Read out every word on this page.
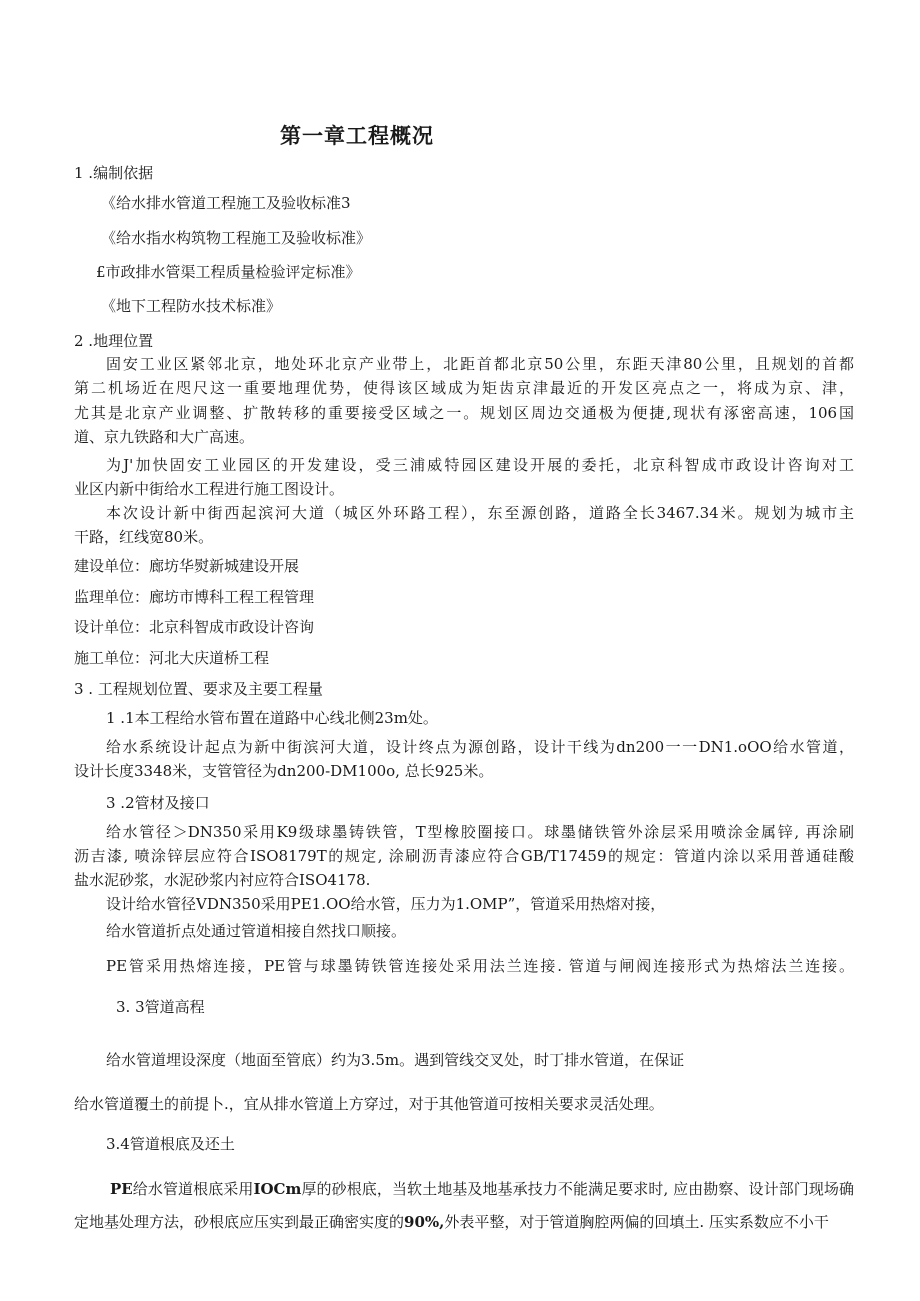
第一章工程概况
1 .编制依据
《给水排水管道工程施工及验收标准3
《给水指水构筑物工程施工及验收标准》
£市政排水管渠工程质量检验评定标准》
《地下工程防水技术标准》
2 .地理位置
固安工业区紧邻北京，地处环北京产业带上，北距首都北京50公里，东距天津80公里，且规划的首都
第二机场近在咫尺这一重要地理优势，使得该区域成为矩齿京津最近的开发区亮点之一，将成为京、津，
尤其是北京产业调整、扩散转移的重要接受区域之一。规划区周边交通极为便捷,现状有涿密高速，106国
道、京九铁路和大广高速。
为J'加快固安工业园区的开发建设，受三浦威特园区建设开展的委托，北京科智成市政设计咨询对工
业区内新中街给水工程进行施工图设计。
本次设计新中街西起滨河大道（城区外环路工程），东至源创路，道路全长3467.34米。规划为城市主
干路，红线宽80米。
建设单位：廊坊华熨新城建设开展
监理单位：廊坊市博科工程工程管理
设计单位：北京科智成市政设计咨询
施工单位：河北大庆道桥工程
3 . 工程规划位置、要求及主要工程量
1 .1本工程给水管布置在道路中心线北侧23m处。
给水系统设计起点为新中街滨河大道，设计终点为源创路，设计干线为dn200一一DN1.oOO给水管道，
设计长度3348米，支管管径为dn200-DM100o, 总长925米。
3 .2管材及接口
给水管径＞DN350采用K9级球墨铸铁管，T型橡胶圈接口。球墨储铁管外涂层采用喷涂金属锌, 再涂刷
沥吉漆, 喷涂锌层应符合ISO8179T的规定, 涂刷沥青漆应符合GB/T17459的规定：管道内涂以采用普通硅酸
盐水泥砂浆，水泥砂浆内衬应符合ISO4178.
设计给水管径VDN350采用PE1.OO给水管，压力为1.OMP”，管道采用热熔对接，
给水管道折点处通过管道相接自然找口顺接。
PE管采用热熔连接，PE管与球墨铸铁管连接处采用法兰连接. 管道与闸阀连接形式为热熔法兰连接。
3. 3管道高程
给水管道埋设深度（地面至管底）约为3.5m。遇到管线交叉处，时丁排水管道，在保证
给水管道覆土的前提卜.，宜从排水管道上方穿过，对于其他管道可按相关要求灵活处理。
3.4管道根底及还土
PE给水管道根底采用IOCm厚的砂根底，当软土地基及地基承技力不能满足要求时, 应由勘察、设计部门现场确
定地基处理方法，砂根底应压实到最正确密实度的90%,外表平整，对于管道胸腔两偏的回填土. 压实系数应不小干
